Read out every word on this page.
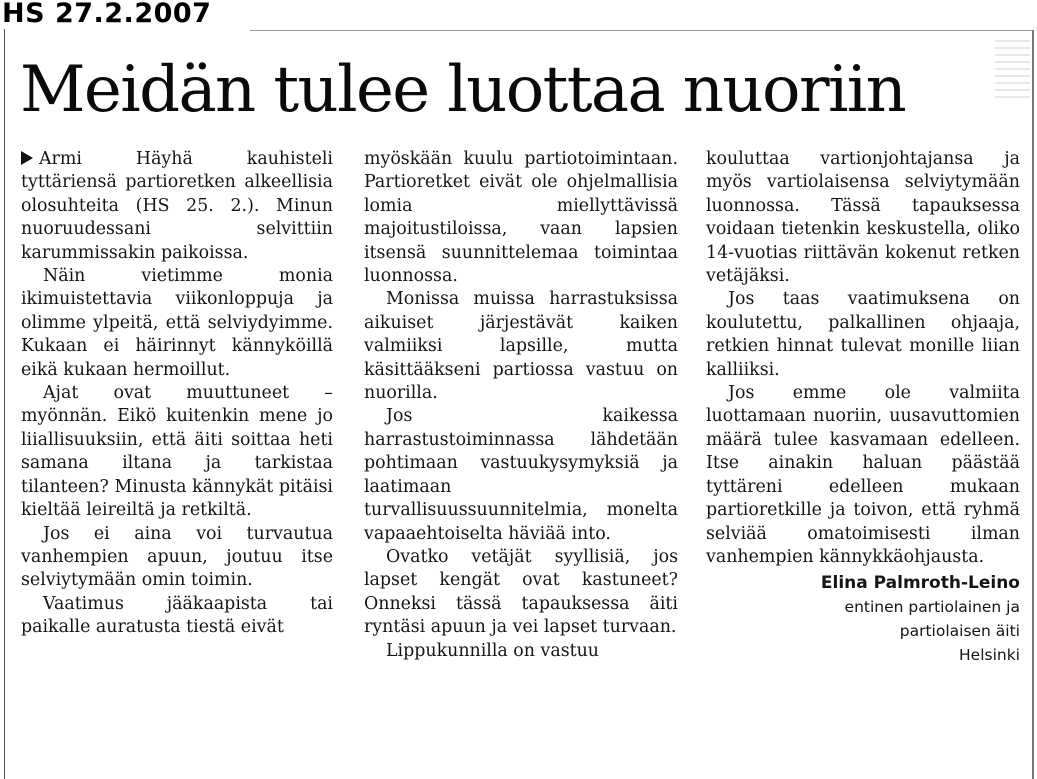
HS 27.2.2007
Meidän tulee luottaa nuoriin

Armi Häyhä kauhisteli tyttäriensä partioretken alkeellisia olosuhteita (HS 25. 2.). Minun nuoruudessani selvittiin karummissakin paikoissa.

Näin vietimme monia ikimuistettavia viikonloppuja ja olimme ylpeitä, että selviydyimme. Kukaan ei häirinnyt kännyköillä eikä kukaan hermoillut.

Ajat ovat muuttuneet – myönnän. Eikö kuitenkin mene jo liiallisuuksiin, että äiti soittaa heti samana iltana ja tarkistaa tilanteen? Minusta kännykät pitäisi kieltää leireiltä ja retkiltä.

Jos ei aina voi turvautua vanhempien apuun, joutuu itse selviytymään omin toimin.

Vaatimus jääkaapista tai paikalle auratusta tiestä eivät

myöskään kuulu partiotoimintaan. Partioretket eivät ole ohjelmallisia lomia miellyttävissä majoitustiloissa, vaan lapsien itsensä suunnittelemaa toimintaa luonnossa.

Monissa muissa harrastuksissa aikuiset järjestävät kaiken valmiiksi lapsille, mutta käsittääkseni partiossa vastuu on nuorilla.

Jos kaikessa harrastustoiminnassa lähdetään pohtimaan vastuukysymyksiä ja laatimaan turvallisuussuunnitelmia, monelta vapaaehtoiselta häviää into.

Ovatko vetäjät syyllisiä, jos lapset kengät ovat kastuneet? Onneksi tässä tapauksessa äiti ryntäsi apuun ja vei lapset turvaan.

Lippukunnilla on vastuu

kouluttaa vartionjohtajansa ja myös vartiolaisensa selviytymään luonnossa. Tässä tapauksessa voidaan tietenkin keskustella, oliko 14-vuotias riittävän kokenut retken vetäjäksi.

Jos taas vaatimuksena on koulutettu, palkallinen ohjaaja, retkien hinnat tulevat monille liian kalliiksi.

Jos emme ole valmiita luottamaan nuoriin, uusavuttomien määrä tulee kasvamaan edelleen. Itse ainakin haluan päästää tyttäreni edelleen mukaan partioretkille ja toivon, että ryhmä selviää omatoimisesti ilman vanhempien kännykkäohjausta.

Elina Palmroth-Leino
entinen partiolainen ja
partiolaisen äiti
Helsinki
